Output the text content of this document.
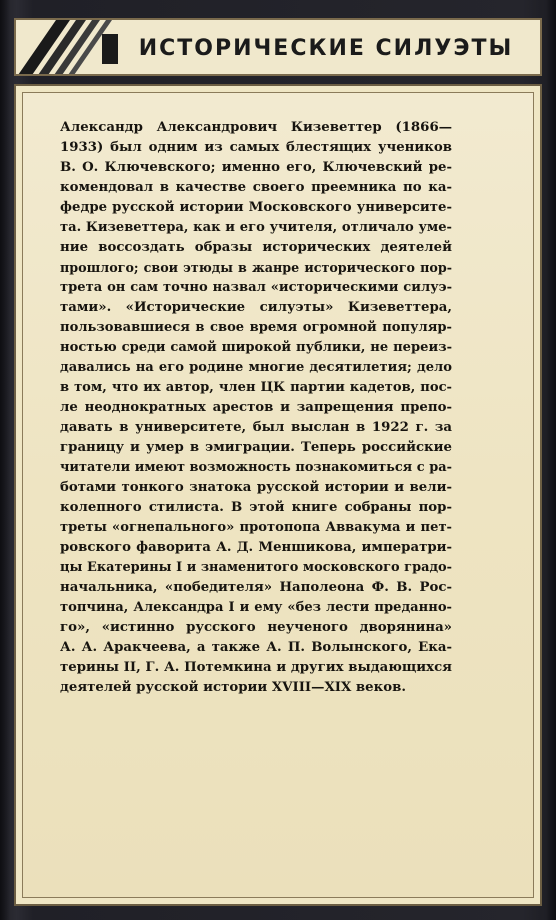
ИСТОРИЧЕСКИЕ СИЛУЭТЫ
Александр Александрович Кизеветтер (1866—
1933) был одним из самых блестящих учеников
В. О. Ключевского; именно его, Ключевский ре-
комендовал в качестве своего преемника по ка-
федре русской истории Московского университе-
та. Кизеветтера, как и его учителя, отличало уме-
ние воссоздать образы исторических деятелей
прошлого; свои этюды в жанре исторического пор-
трета он сам точно назвал «историческими силуэ-
тами». «Исторические силуэты» Кизеветтера,
пользовавшиеся в свое время огромной популяр-
ностью среди самой широкой публики, не переиз-
давались на его родине многие десятилетия; дело
в том, что их автор, член ЦК партии кадетов, пос-
ле неоднократных арестов и запрещения препо-
давать в университете, был выслан в 1922 г. за
границу и умер в эмиграции. Теперь российские
читатели имеют возможность познакомиться с ра-
ботами тонкого знатока русской истории и вели-
колепного стилиста. В этой книге собраны пор-
треты «огнепального» протопопа Аввакума и пет-
ровского фаворита А. Д. Меншикова, императри-
цы Екатерины I и знаменитого московского градо-
начальника, «победителя» Наполеона Ф. В. Рос-
топчина, Александра I и ему «без лести преданно-
го», «истинно русского неученого дворянина»
А. А. Аракчеева, а также А. П. Волынского, Ека-
терины II, Г. А. Потемкина и других выдающихся
деятелей русской истории XVIII—XIX веков.
